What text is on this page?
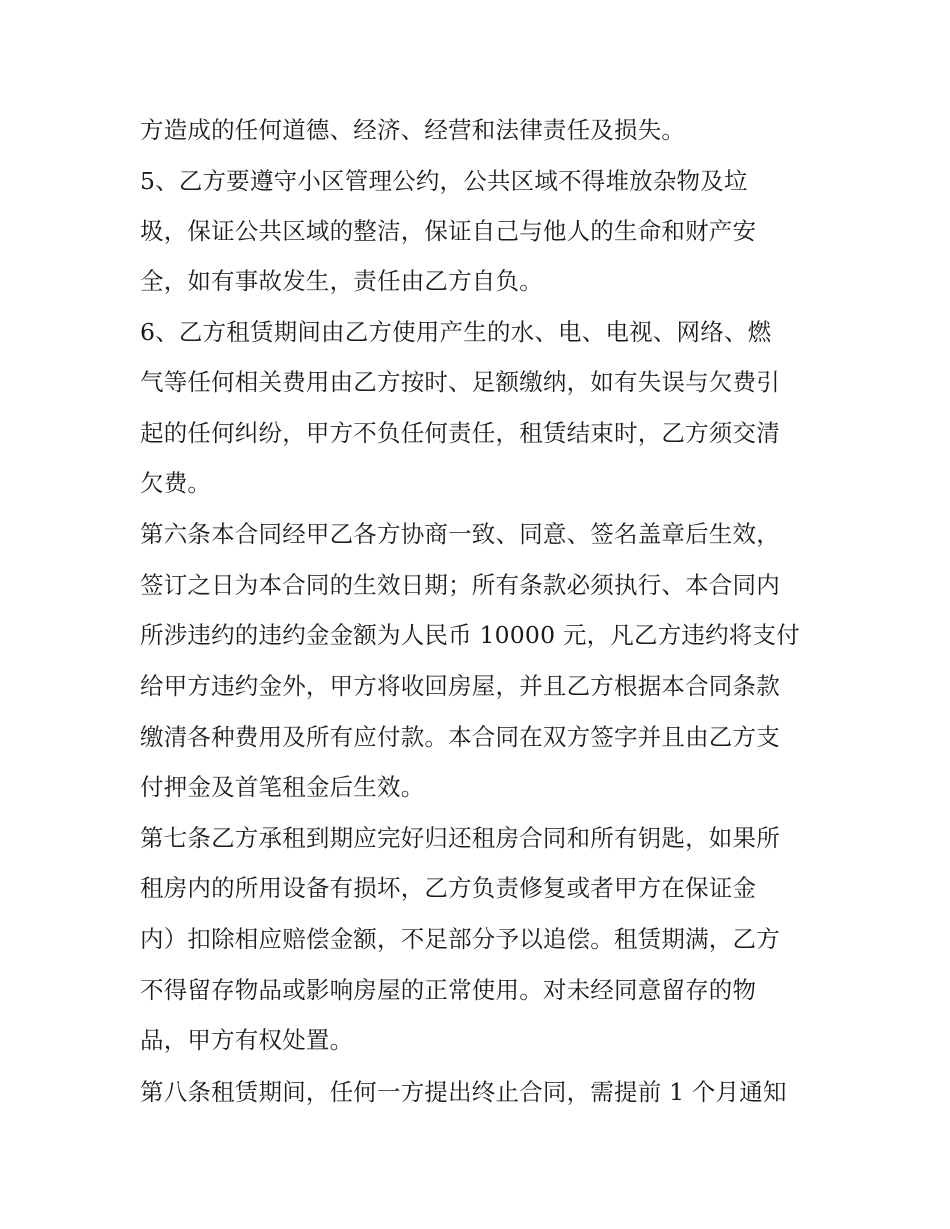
方造成的任何道德、经济、经营和法律责任及损失。

5、乙方要遵守小区管理公约，公共区域不得堆放杂物及垃

圾，保证公共区域的整洁，保证自己与他人的生命和财产安

全，如有事故发生，责任由乙方自负。

6、乙方租赁期间由乙方使用产生的水、电、电视、网络、燃

气等任何相关费用由乙方按时、足额缴纳，如有失误与欠费引

起的任何纠纷，甲方不负任何责任，租赁结束时，乙方须交清

欠费。

第六条本合同经甲乙各方协商一致、同意、签名盖章后生效，

签订之日为本合同的生效日期；所有条款必须执行、本合同内

所涉违约的违约金金额为人民币 10000 元，凡乙方违约将支付

给甲方违约金外，甲方将收回房屋，并且乙方根据本合同条款

缴清各种费用及所有应付款。本合同在双方签字并且由乙方支

付押金及首笔租金后生效。

第七条乙方承租到期应完好归还租房合同和所有钥匙，如果所

租房内的所用设备有损坏，乙方负责修复或者甲方在保证金

内）扣除相应赔偿金额，不足部分予以追偿。租赁期满，乙方

不得留存物品或影响房屋的正常使用。对未经同意留存的物

品，甲方有权处置。

第八条租赁期间，任何一方提出终止合同，需提前 1 个月通知
